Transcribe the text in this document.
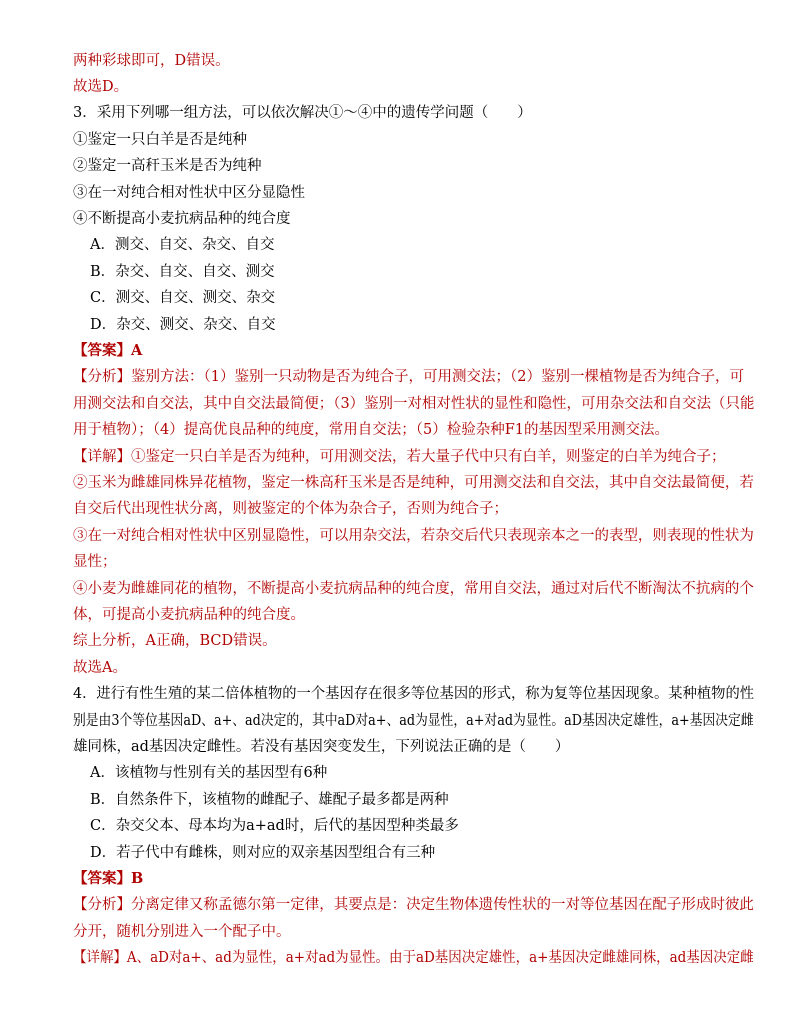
两种彩球即可，D错误。
故选D。
3．采用下列哪一组方法，可以依次解决①～④中的遗传学问题（　　）
①鉴定一只白羊是否是纯种
②鉴定一高秆玉米是否为纯种
③在一对纯合相对性状中区分显隐性
④不断提高小麦抗病品种的纯合度
A．测交、自交、杂交、自交
B．杂交、自交、自交、测交
C．测交、自交、测交、杂交
D．杂交、测交、杂交、自交
【答案】A
【分析】鉴别方法：（1）鉴别一只动物是否为纯合子，可用测交法；（2）鉴别一棵植物是否为纯合子，可
用测交法和自交法，其中自交法最简便；（3）鉴别一对相对性状的显性和隐性，可用杂交法和自交法（只能
用于植物）；（4）提高优良品种的纯度，常用自交法；（5）检验杂种F1的基因型采用测交法。
【详解】①鉴定一只白羊是否为纯种，可用测交法，若大量子代中只有白羊，则鉴定的白羊为纯合子；
②玉米为雌雄同株异花植物，鉴定一株高秆玉米是否是纯种，可用测交法和自交法，其中自交法最简便，若
自交后代出现性状分离，则被鉴定的个体为杂合子，否则为纯合子；
③在一对纯合相对性状中区别显隐性，可以用杂交法，若杂交后代只表现亲本之一的表型，则表现的性状为
显性；
④小麦为雌雄同花的植物，不断提高小麦抗病品种的纯合度，常用自交法，通过对后代不断淘汰不抗病的个
体，可提高小麦抗病品种的纯合度。
综上分析，A正确，BCD错误。
故选A。
4．进行有性生殖的某二倍体植物的一个基因存在很多等位基因的形式，称为复等位基因现象。某种植物的性
别是由3个等位基因aD、a+、ad决定的，其中aD对a+、ad为显性，a+对ad为显性。aD基因决定雄性，a+基因决定雌
雄同株，ad基因决定雌性。若没有基因突变发生，下列说法正确的是（　　）
A．该植物与性别有关的基因型有6种
B．自然条件下，该植物的雌配子、雄配子最多都是两种
C．杂交父本、母本均为a+ad时，后代的基因型种类最多
D．若子代中有雌株，则对应的双亲基因型组合有三种
【答案】B
【分析】分离定律又称孟德尔第一定律，其要点是：决定生物体遗传性状的一对等位基因在配子形成时彼此
分开，随机分别进入一个配子中。
【详解】A、aD对a+、ad为显性，a+对ad为显性。由于aD基因决定雄性，a+基因决定雌雄同株，ad基因决定雌
